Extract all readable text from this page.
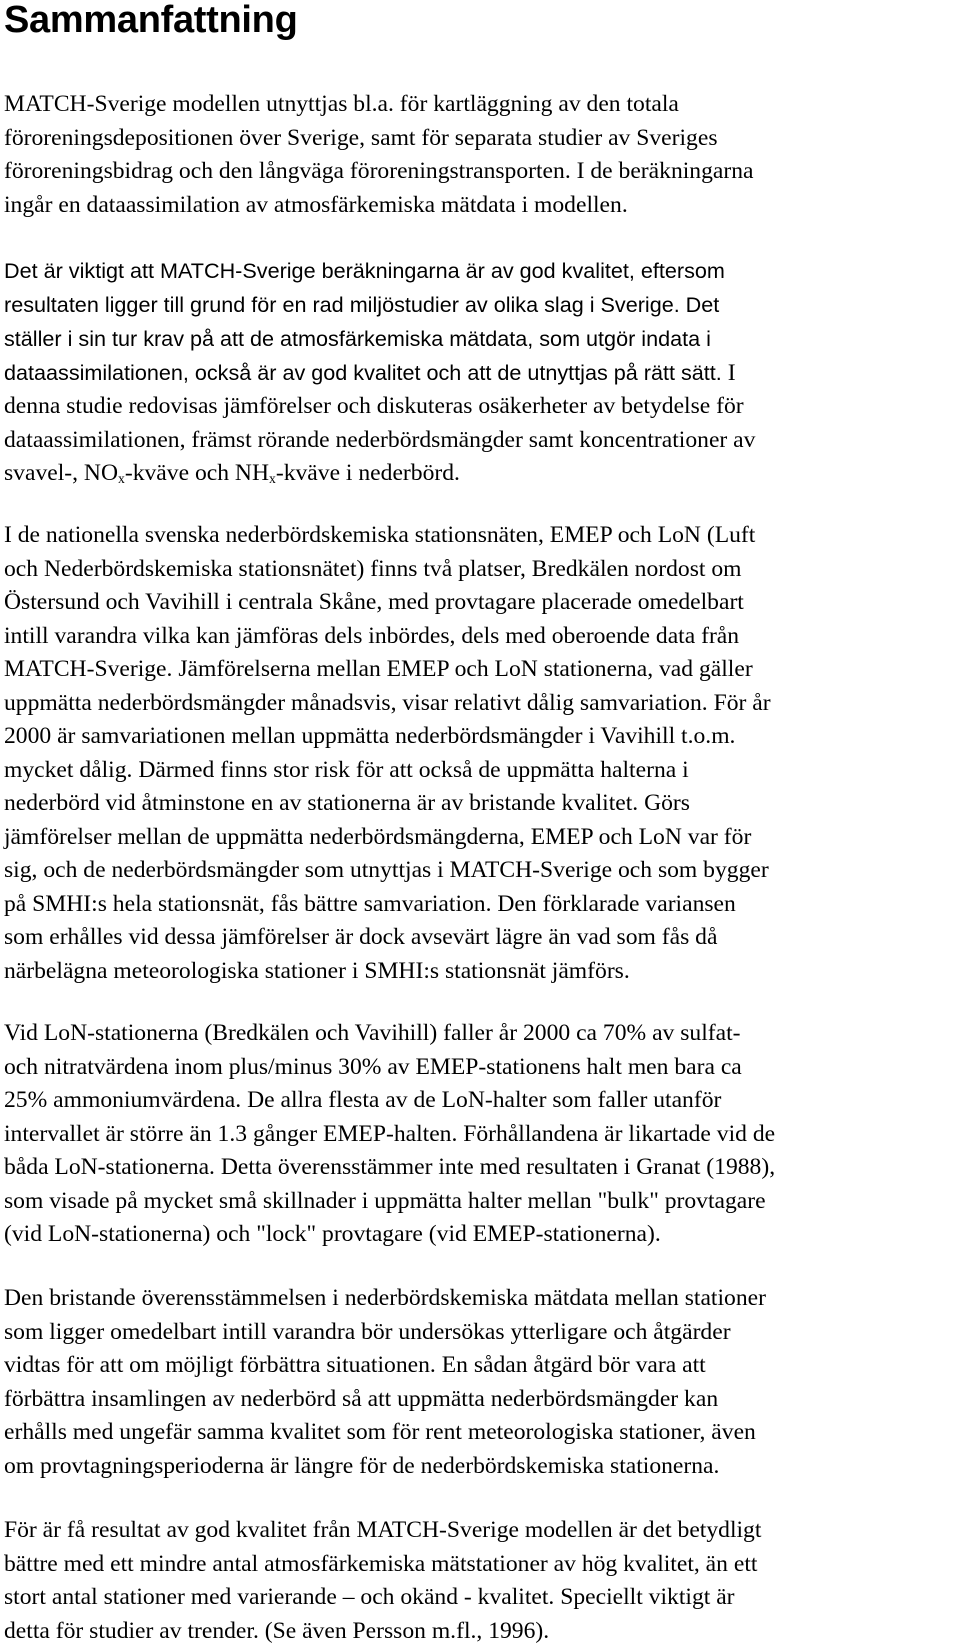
Sammanfattning
MATCH-Sverige modellen utnyttjas bl.a. för kartläggning av den totala
föroreningsdepositionen över Sverige, samt för separata studier av Sveriges
föroreningsbidrag och den långväga föroreningstransporten. I de beräkningarna
ingår en dataassimilation av atmosfärkemiska mätdata i modellen.
Det är viktigt att MATCH-Sverige beräkningarna är av god kvalitet, eftersom
resultaten ligger till grund för en rad miljöstudier av olika slag i Sverige. Det
ställer i sin tur krav på att de atmosfärkemiska mätdata, som utgör indata i
dataassimilationen, också är av god kvalitet och att de utnyttjas på rätt sätt. I
denna studie redovisas jämförelser och diskuteras osäkerheter av betydelse för
dataassimilationen, främst rörande nederbördsmängder samt koncentrationer av
svavel-, $NO_x$-kväve och $NH_x$-kväve i nederbörd.
I de nationella svenska nederbördskemiska stationsnäten, EMEP och LoN (Luft
och Nederbördskemiska stationsnätet) finns två platser, Bredkälen nordost om
Östersund och Vavihill i centrala Skåne, med provtagare placerade omedelbart
intill varandra vilka kan jämföras dels inbördes, dels med oberoende data från
MATCH-Sverige. Jämförelserna mellan EMEP och LoN stationerna, vad gäller
uppmätta nederbördsmängder månadsvis, visar relativt dålig samvariation. För år
2000 är samvariationen mellan uppmätta nederbördsmängder i Vavihill t.o.m.
mycket dålig. Därmed finns stor risk för att också de uppmätta halterna i
nederbörd vid åtminstone en av stationerna är av bristande kvalitet. Görs
jämförelser mellan de uppmätta nederbördsmängderna, EMEP och LoN var för
sig, och de nederbördsmängder som utnyttjas i MATCH-Sverige och som bygger
på SMHI:s hela stationsnät, fås bättre samvariation. Den förklarade variansen
som erhålles vid dessa jämförelser är dock avsevärt lägre än vad som fås då
närbelägna meteorologiska stationer i SMHI:s stationsnät jämförs.
Vid LoN-stationerna (Bredkälen och Vavihill) faller år 2000 ca 70% av sulfat-
och nitratvärdena inom plus/minus 30% av EMEP-stationens halt men bara ca
25% ammoniumvärdena. De allra flesta av de LoN-halter som faller utanför
intervallet är större än 1.3 gånger EMEP-halten. Förhållandena är likartade vid de
båda LoN-stationerna. Detta överensstämmer inte med resultaten i Granat (1988),
som visade på mycket små skillnader i uppmätta halter mellan "bulk" provtagare
(vid LoN-stationerna) och "lock" provtagare (vid EMEP-stationerna).
Den bristande överensstämmelsen i nederbördskemiska mätdata mellan stationer
som ligger omedelbart intill varandra bör undersökas ytterligare och åtgärder
vidtas för att om möjligt förbättra situationen. En sådan åtgärd bör vara att
förbättra insamlingen av nederbörd så att uppmätta nederbördsmängder kan
erhålls med ungefär samma kvalitet som för rent meteorologiska stationer, även
om provtagningsperioderna är längre för de nederbördskemiska stationerna.
För är få resultat av god kvalitet från MATCH-Sverige modellen är det betydligt
bättre med ett mindre antal atmosfärkemiska mätstationer av hög kvalitet, än ett
stort antal stationer med varierande – och okänd - kvalitet. Speciellt viktigt är
detta för studier av trender. (Se även Persson m.fl., 1996).
